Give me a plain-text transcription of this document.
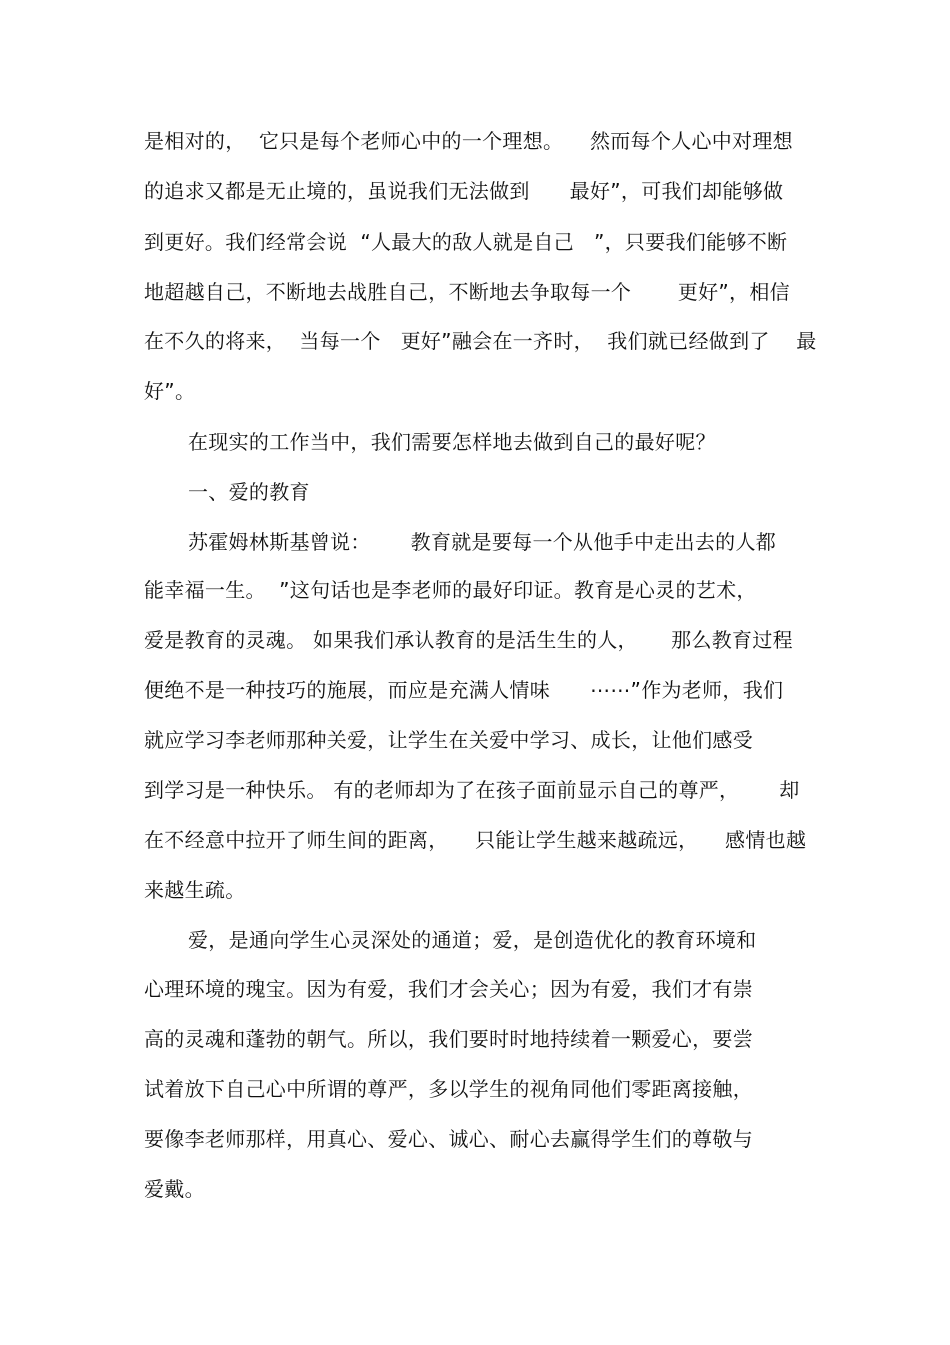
是相对的，  它只是每个老师心中的一个理想。    然而每个人心中对理想

的追求又都是无止境的，虽说我们无法做到      最好”，可我们却能够做

到更好。我们经常会说  “人最大的敌人就是自己   ”，只要我们能够不断

地超越自己，不断地去战胜自己，不断地去争取每一个       更好”，相信

在不久的将来，  当每一个   更好”融会在一齐时，  我们就已经做到了    最

好”。

在现实的工作当中，我们需要怎样地去做到自己的最好呢？

一、爱的教育

苏霍姆林斯基曾说：      教育就是要每一个从他手中走出去的人都

能幸福一生。  ”这句话也是李老师的最好印证。教育是心灵的艺术，

爱是教育的灵魂。 如果我们承认教育的是活生生的人，     那么教育过程

便绝不是一种技巧的施展，而应是充满人情味      ⋯⋯”作为老师，我们

就应学习李老师那种关爱，让学生在关爱中学习、成长，让他们感受

到学习是一种快乐。 有的老师却为了在孩子面前显示自己的尊严，      却

在不经意中拉开了师生间的距离，    只能让学生越来越疏远，    感情也越

来越生疏。

爱，是通向学生心灵深处的通道；爱，是创造优化的教育环境和

心理环境的瑰宝。因为有爱，我们才会关心；因为有爱，我们才有崇

高的灵魂和蓬勃的朝气。所以，我们要时时地持续着一颗爱心，要尝

试着放下自己心中所谓的尊严，多以学生的视角同他们零距离接触，

要像李老师那样，用真心、爱心、诚心、耐心去赢得学生们的尊敬与

爱戴。
